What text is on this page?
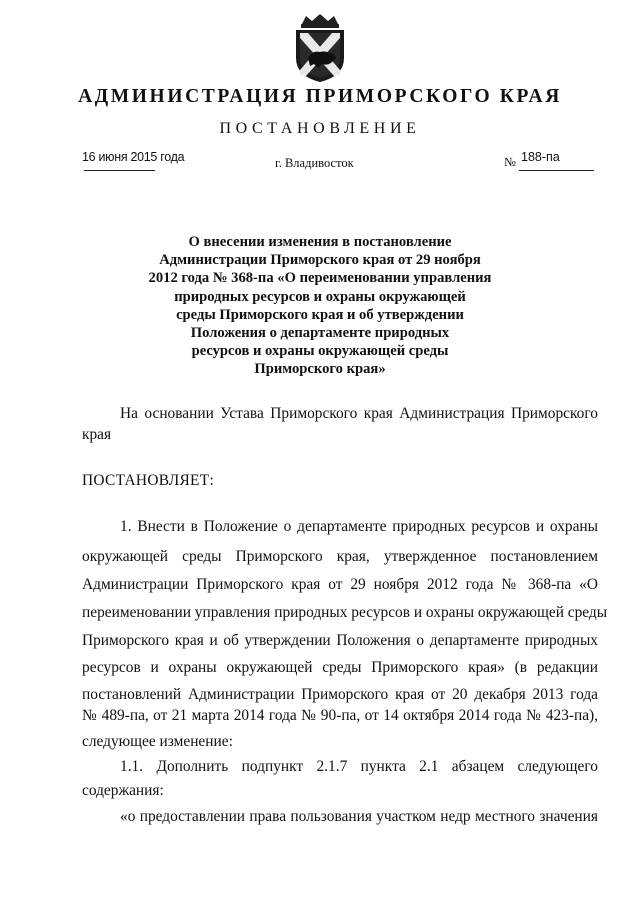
АДМИНИСТРАЦИЯ ПРИМОРСКОГО КРАЯ
ПОСТАНОВЛЕНИЕ
16 июня 2015 года	г. Владивосток	№ 188-па
О внесении изменения в постановление
Администрации Приморского края от 29 ноября
2012 года № 368-па «О переименовании управления
природных ресурсов и охраны окружающей
среды Приморского края и об утверждении
Положения о департаменте природных
ресурсов и охраны окружающей среды
Приморского края»
На основании Устава Приморского края Администрация Приморского
края
ПОСТАНОВЛЯЕТ:
1. Внести в Положение о департаменте природных ресурсов и охраны
окружающей среды Приморского края, утвержденное постановлением
Администрации Приморского края от 29 ноября 2012 года № 368-па «О
переименовании управления природных ресурсов и охраны окружающей среды
Приморского края и об утверждении Положения о департаменте природных
ресурсов и охраны окружающей среды Приморского края» (в редакции
постановлений Администрации Приморского края от 20 декабря 2013 года
№ 489-па, от 21 марта 2014 года № 90-па, от 14 октября 2014 года № 423-па),
следующее изменение:
1.1. Дополнить подпункт 2.1.7 пункта 2.1 абзацем следующего
содержания:
«о предоставлении права пользования участком недр местного значения
